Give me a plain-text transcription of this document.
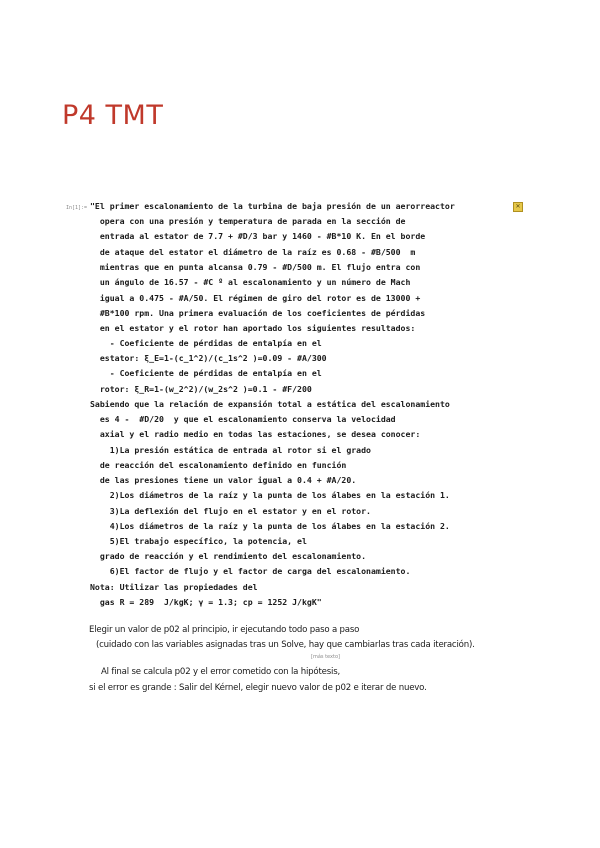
P4 TMT
In[1]:=	✕
"El primer escalonamiento de la turbina de baja presión de un aerorreactor
opera con una presión y temperatura de parada en la sección de
entrada al estator de 7.7 + #D/3 bar y 1460 - #B*10 K. En el borde
de ataque del estator el diámetro de la raíz es 0.68 - #B/500  m
mientras que en punta alcansa 0.79 - #D/500 m. El flujo entra con
un ángulo de 16.57 - #C º al escalonamiento y un número de Mach
igual a 0.475 - #A/50. El régimen de giro del rotor es de 13000 +
#B*100 rpm. Una primera evaluación de los coeficientes de pérdidas
en el estator y el rotor han aportado los siguientes resultados:
- Coeficiente de pérdidas de entalpía en el
estator: ξ_E=1-(c_1^2)/(c_1s^2 )=0.09 - #A/300
- Coeficiente de pérdidas de entalpía en el
rotor: ξ_R=1-(w_2^2)/(w_2s^2 )=0.1 - #F/200
Sabiendo que la relación de expansión total a estática del escalonamiento
es 4 -  #D/20  y que el escalonamiento conserva la velocidad
axial y el radio medio en todas las estaciones, se desea conocer:
1)La presión estática de entrada al rotor si el grado
de reacción del escalonamiento definido en función
de las presiones tiene un valor igual a 0.4 + #A/20.
2)Los diámetros de la raíz y la punta de los álabes en la estación 1.
3)La deflexión del flujo en el estator y en el rotor.
4)Los diámetros de la raíz y la punta de los álabes en la estación 2.
5)El trabajo específico, la potencia, el
grado de reacción y el rendimiento del escalonamiento.
6)El factor de flujo y el factor de carga del escalonamiento.
Nota: Utilizar las propiedades del
gas R = 289  J/kgK; γ = 1.3; cp = 1252 J/kgK"
Elegir un valor de p02 al principio, ir ejecutando todo paso a paso
(cuidado con las variables asignadas tras un Solve, hay que cambiarlas tras cada iteración).
[más texto]
Al final se calcula p02 y el error cometido con la hipótesis,
si el error es grande : Salir del Kérnel, elegir nuevo valor de p02 e iterar de nuevo.
